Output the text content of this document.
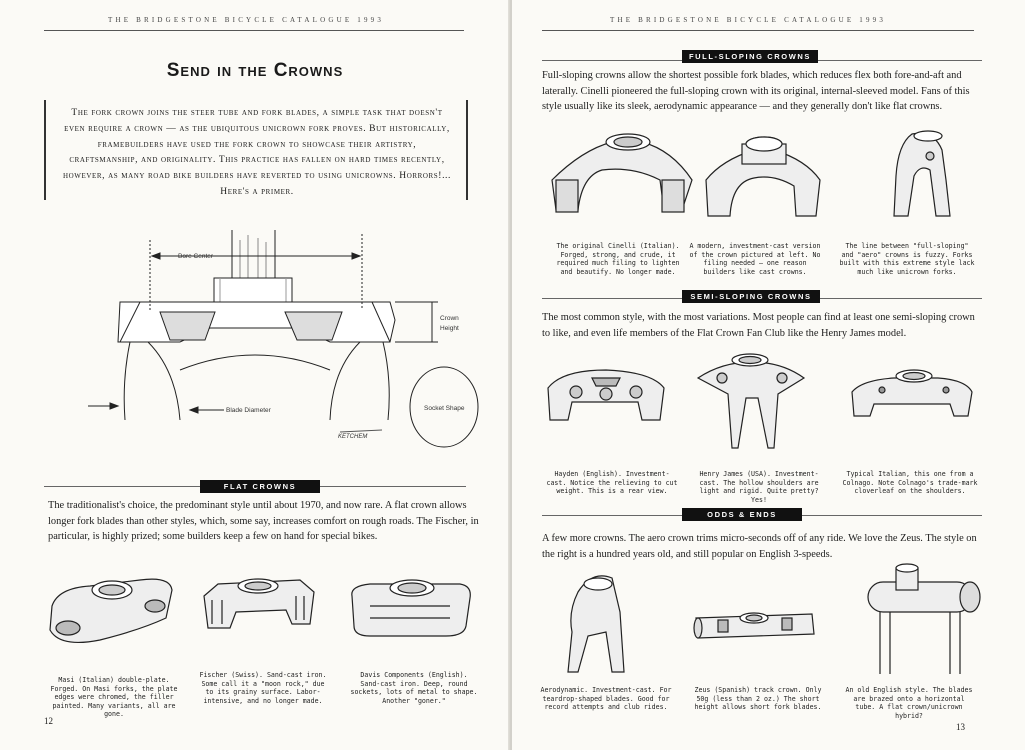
THE BRIDGESTONE BICYCLE CATALOGUE 1993
Send in the Crowns
The fork crown joins the steer tube and fork blades, a simple task that doesn't even require a crown — as the ubiquitous unicrown fork proves. But historically, framebuilders have used the fork crown to showcase their artistry, craftsmanship, and originality. This practice has fallen on hard times recently, however, as many road bike builders have reverted to using unicrowns. Horrors!... Here's a primer.
Bore Center
Crown
Height
Blade Diameter	Socket Shape
KETCHEM
FLAT CROWNS
The traditionalist's choice, the predominant style until about 1970, and now rare. A flat crown allows longer fork blades than other styles, which, some say, increases comfort on rough roads. The Fischer, in particular, is highly prized; some builders keep a few on hand for special bikes.
Masi (Italian) double-plate. Forged. On Masi forks, the plate edges were chromed, the filler painted. Many variants, all are gone.
Fischer (Swiss). Sand-cast iron. Some call it a "moon rock," due to its grainy surface. Labor-intensive, and no longer made.
Davis Components (English). Sand-cast iron. Deep, round sockets, lots of metal to shape. Another "goner."
12
THE BRIDGESTONE BICYCLE CATALOGUE 1993
FULL-SLOPING CROWNS
Full-sloping crowns allow the shortest possible fork blades, which reduces flex both fore-and-aft and laterally. Cinelli pioneered the full-sloping crown with its original, internal-sleeved model. Fans of this style usually like its sleek, aerodynamic appearance — and they generally don't like flat crowns.
The original Cinelli (Italian). Forged, strong, and crude, it required much filing to lighten and beautify. No longer made.
A modern, investment-cast version of the crown pictured at left. No filing needed – one reason builders like cast crowns.
The line between "full-sloping" and "aero" crowns is fuzzy. Forks built with this extreme style lack much like unicrown forks.
SEMI-SLOPING CROWNS
The most common style, with the most variations. Most people can find at least one semi-sloping crown to like, and even life members of the Flat Crown Fan Club like the Henry James model.
Hayden (English). Investment-cast. Notice the relieving to cut weight. This is a rear view.
Henry James (USA). Investment-cast. The hollow shoulders are light and rigid. Quite pretty? Yes!
Typical Italian, this one from a Colnago. Note Colnago's trade-mark cloverleaf on the shoulders.
ODDS & ENDS
A few more crowns. The aero crown trims micro-seconds off of any ride. We love the Zeus. The style on the right is a hundred years old, and still popular on English 3-speeds.
Aerodynamic. Investment-cast. For teardrop-shaped blades. Good for record attempts and club rides.
Zeus (Spanish) track crown. Only 50g (less than 2 oz.) The short height allows short fork blades.
An old English style. The blades are brazed onto a horizontal tube. A flat crown/unicrown hybrid?
13
